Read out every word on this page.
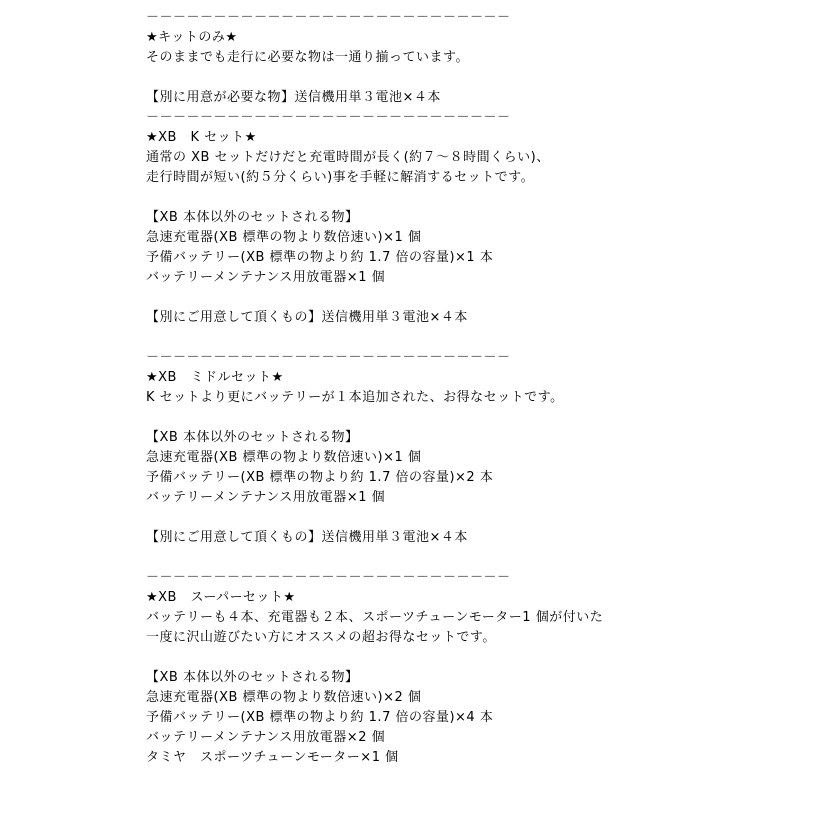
－－－－－－－－－－－－－－－－－－－－－－－－－－－
★キットのみ★
そのままでも走行に必要な物は一通り揃っています。
【別に用意が必要な物】送信機用単３電池×４本
－－－－－－－－－－－－－－－－－－－－－－－－－－－
★XB　K セット★
通常の XB セットだけだと充電時間が長く(約７〜８時間くらい)、
走行時間が短い(約５分くらい)事を手軽に解消するセットです。
【XB 本体以外のセットされる物】
急速充電器(XB 標準の物より数倍速い)×1 個
予備バッテリー(XB 標準の物より約 1.7 倍の容量)×1 本
バッテリーメンテナンス用放電器×1 個
【別にご用意して頂くもの】送信機用単３電池×４本
－－－－－－－－－－－－－－－－－－－－－－－－－－－
★XB　ミドルセット★
K セットより更にバッテリーが１本追加された、お得なセットです。
【XB 本体以外のセットされる物】
急速充電器(XB 標準の物より数倍速い)×1 個
予備バッテリー(XB 標準の物より約 1.7 倍の容量)×2 本
バッテリーメンテナンス用放電器×1 個
【別にご用意して頂くもの】送信機用単３電池×４本
－－－－－－－－－－－－－－－－－－－－－－－－－－－
★XB　スーパーセット★
バッテリーも４本、充電器も２本、スポーツチューンモーター1 個が付いた
一度に沢山遊びたい方にオススメの超お得なセットです。
【XB 本体以外のセットされる物】
急速充電器(XB 標準の物より数倍速い)×2 個
予備バッテリー(XB 標準の物より約 1.7 倍の容量)×4 本
バッテリーメンテナンス用放電器×2 個
タミヤ　スポーツチューンモーター×1 個
